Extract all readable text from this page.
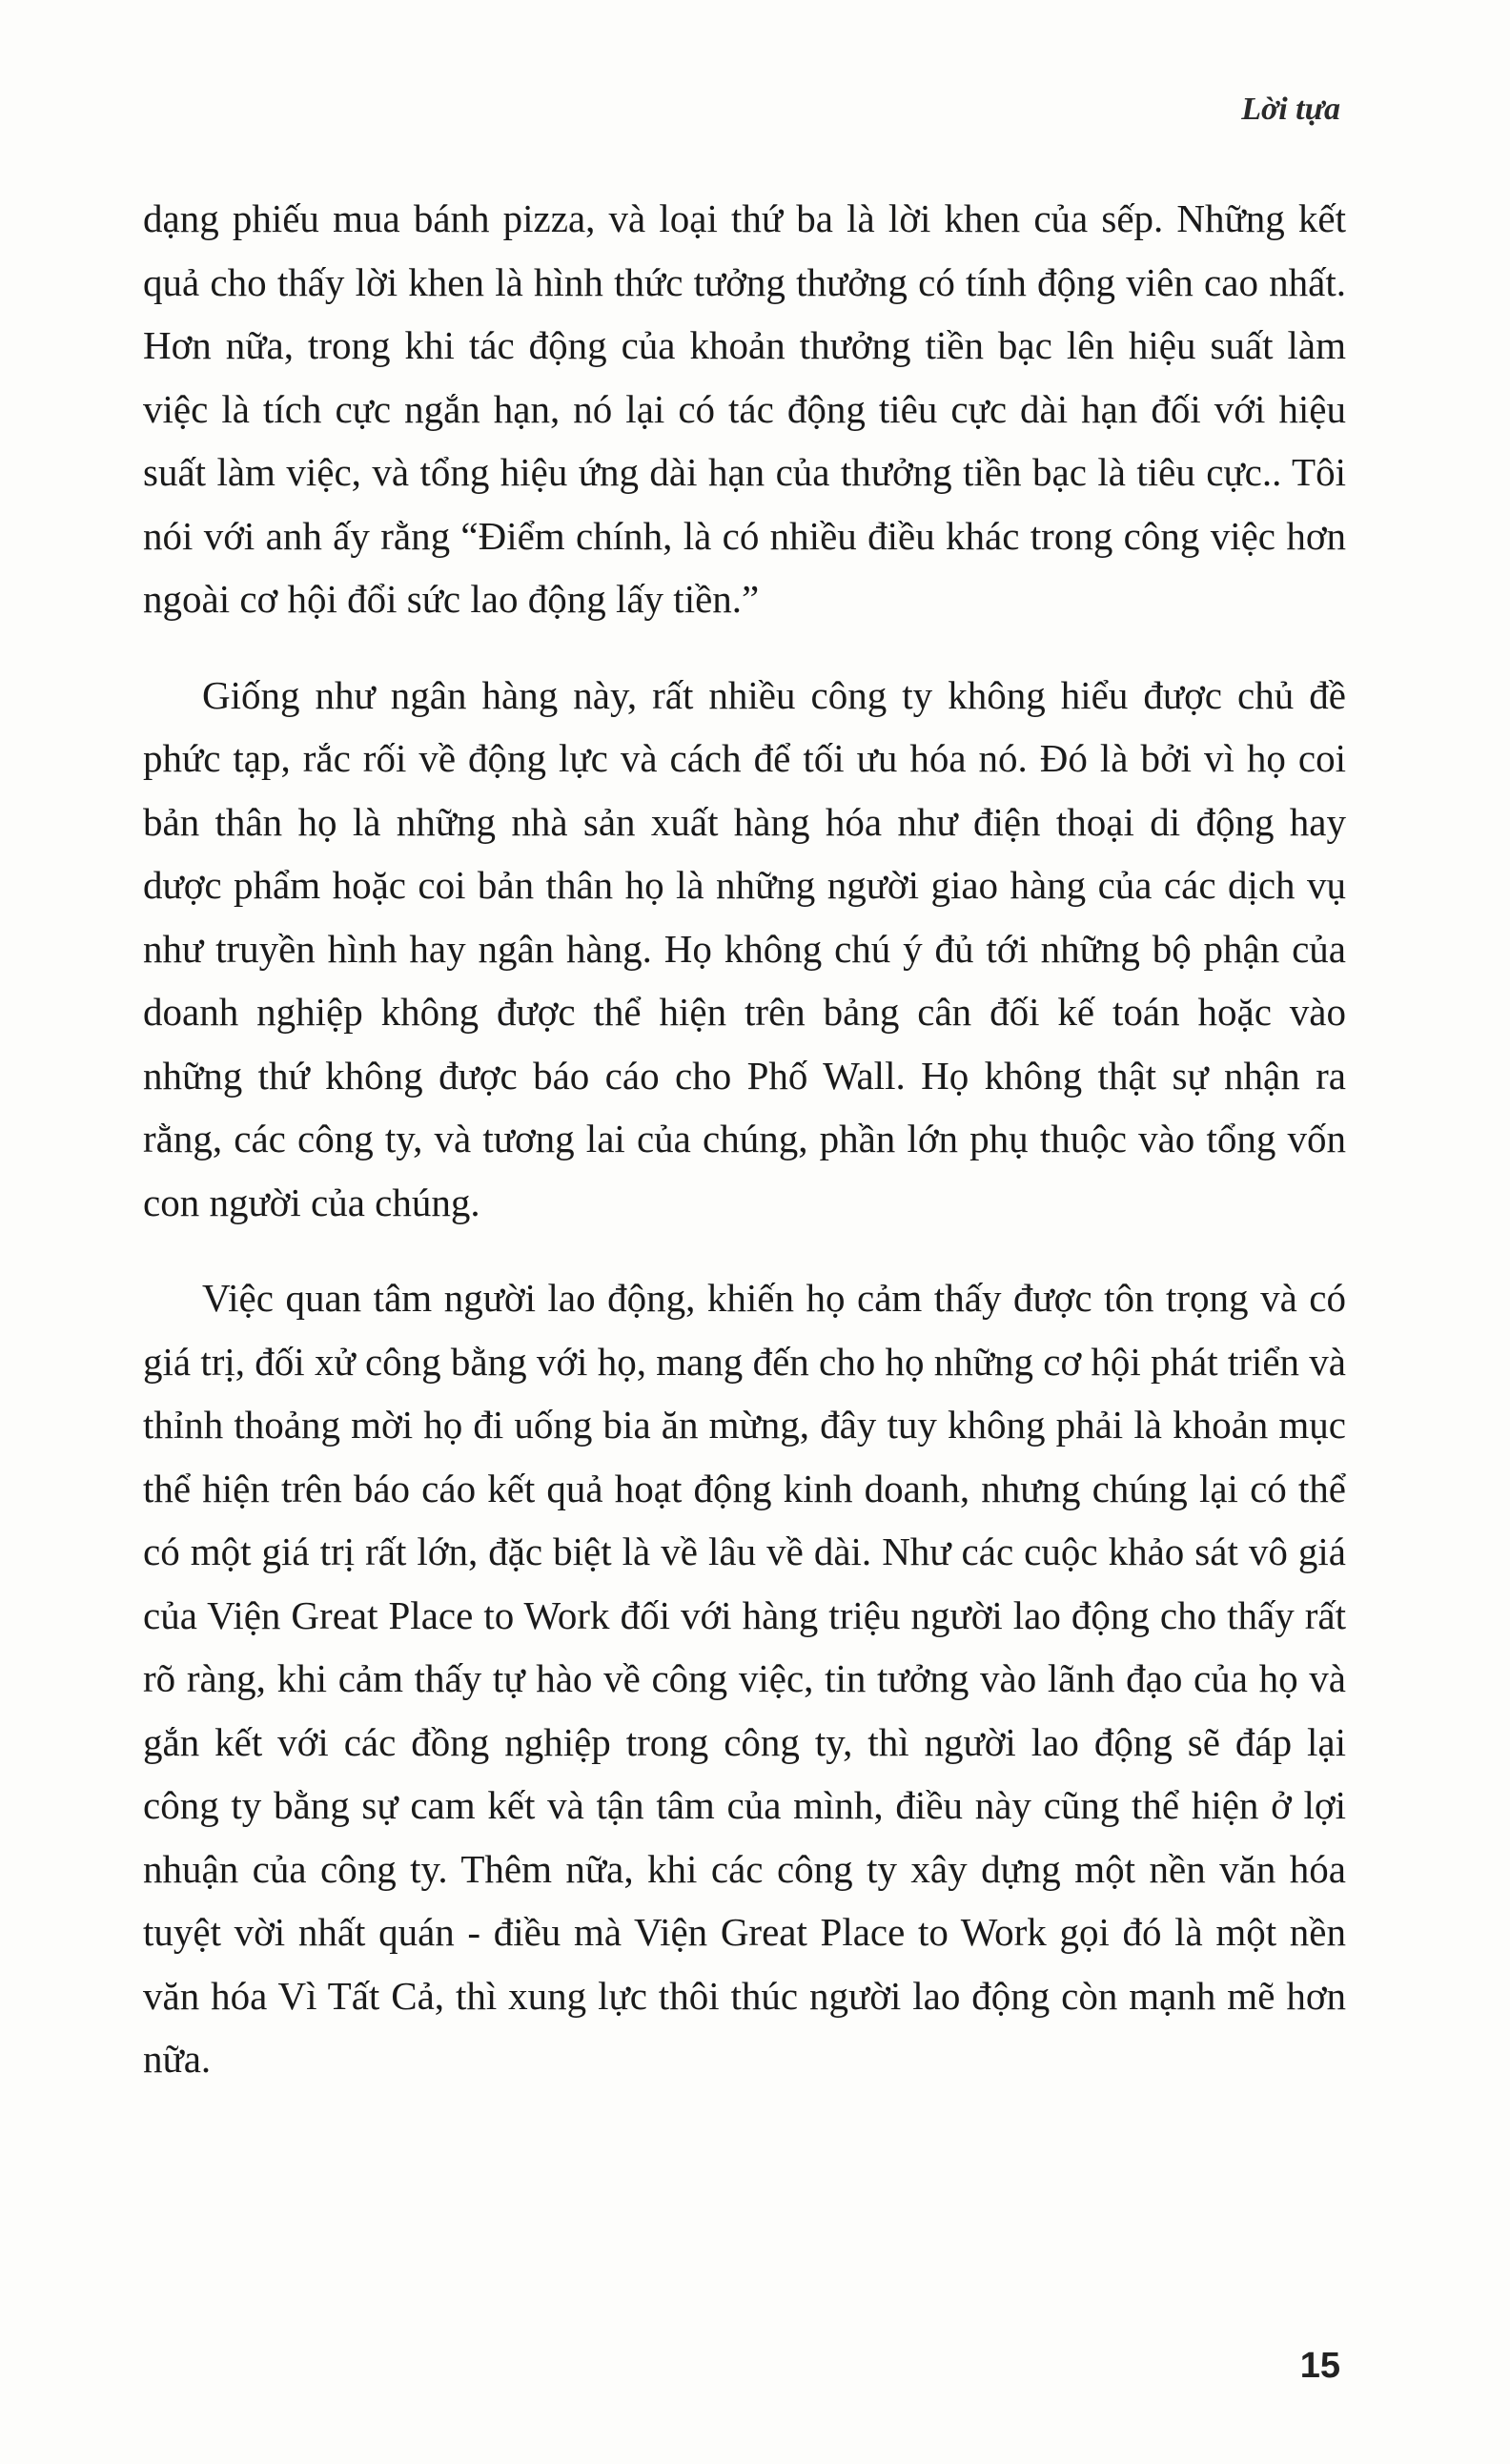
Lời tựa

dạng phiếu mua bánh pizza, và loại thứ ba là lời khen của sếp. Những kết quả cho thấy lời khen là hình thức tưởng thưởng có tính động viên cao nhất. Hơn nữa, trong khi tác động của khoản thưởng tiền bạc lên hiệu suất làm việc là tích cực ngắn hạn, nó lại có tác động tiêu cực dài hạn đối với hiệu suất làm việc, và tổng hiệu ứng dài hạn của thưởng tiền bạc là tiêu cực.. Tôi nói với anh ấy rằng “Điểm chính, là có nhiều điều khác trong công việc hơn ngoài cơ hội đổi sức lao động lấy tiền.”

Giống như ngân hàng này, rất nhiều công ty không hiểu được chủ đề phức tạp, rắc rối về động lực và cách để tối ưu hóa nó. Đó là bởi vì họ coi bản thân họ là những nhà sản xuất hàng hóa như điện thoại di động hay dược phẩm hoặc coi bản thân họ là những người giao hàng của các dịch vụ như truyền hình hay ngân hàng. Họ không chú ý đủ tới những bộ phận của doanh nghiệp không được thể hiện trên bảng cân đối kế toán hoặc vào những thứ không được báo cáo cho Phố Wall. Họ không thật sự nhận ra rằng, các công ty, và tương lai của chúng, phần lớn phụ thuộc vào tổng vốn con người của chúng.

Việc quan tâm người lao động, khiến họ cảm thấy được tôn trọng và có giá trị, đối xử công bằng với họ, mang đến cho họ những cơ hội phát triển và thỉnh thoảng mời họ đi uống bia ăn mừng, đây tuy không phải là khoản mục thể hiện trên báo cáo kết quả hoạt động kinh doanh, nhưng chúng lại có thể có một giá trị rất lớn, đặc biệt là về lâu về dài. Như các cuộc khảo sát vô giá của Viện Great Place to Work đối với hàng triệu người lao động cho thấy rất rõ ràng, khi cảm thấy tự hào về công việc, tin tưởng vào lãnh đạo của họ và gắn kết với các đồng nghiệp trong công ty, thì người lao động sẽ đáp lại công ty bằng sự cam kết và tận tâm của mình, điều này cũng thể hiện ở lợi nhuận của công ty. Thêm nữa, khi các công ty xây dựng một nền văn hóa tuyệt vời nhất quán - điều mà Viện Great Place to Work gọi đó là một nền văn hóa Vì Tất Cả, thì xung lực thôi thúc người lao động còn mạnh mẽ hơn nữa.

15
